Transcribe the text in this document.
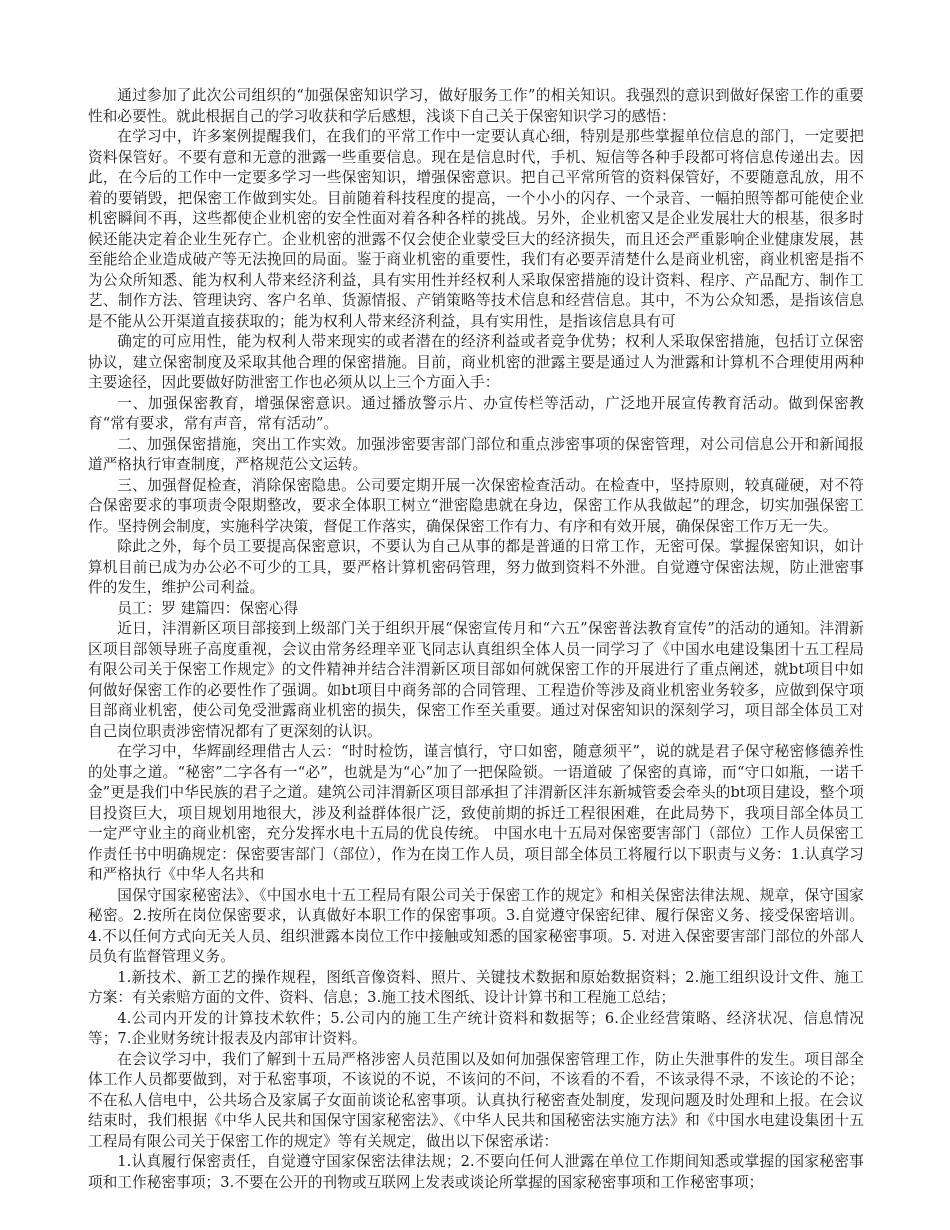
通过参加了此次公司组织的“加强保密知识学习，做好服务工作”的相关知识。我强烈的意识到做好保密工作的重要性和必要性。就此根据自己的学习收获和学后感想，浅谈下自己关于保密知识学习的感悟：

在学习中，许多案例提醒我们，在我们的平常工作中一定要认真心细，特别是那些掌握单位信息的部门，一定要把资料保管好。不要有意和无意的泄露一些重要信息。现在是信息时代，手机、短信等各种手段都可将信息传递出去。因此，在今后的工作中一定要多学习一些保密知识，增强保密意识。把自己平常所管的资料保管好，不要随意乱放，用不着的要销毁，把保密工作做到实处。目前随着科技程度的提高，一个小小的闪存、一个录音、一幅拍照等都可能使企业机密瞬间不再，这些都使企业机密的安全性面对着各种各样的挑战。另外，企业机密又是企业发展壮大的根基，很多时候还能决定着企业生死存亡。企业机密的泄露不仅会使企业蒙受巨大的经济损失，而且还会严重影响企业健康发展，甚至能给企业造成破产等无法挽回的局面。鉴于商业机密的重要性，我们有必要弄清楚什么是商业机密，商业机密是指不为公众所知悉、能为权利人带来经济利益，具有实用性并经权利人采取保密措施的设计资料、程序、产品配方、制作工艺、制作方法、管理诀窍、客户名单、货源情报、产销策略等技术信息和经营信息。其中，不为公众知悉，是指该信息是不能从公开渠道直接获取的；能为权利人带来经济利益，具有实用性，是指该信息具有可

确定的可应用性，能为权利人带来现实的或者潜在的经济利益或者竞争优势；权利人采取保密措施，包括订立保密协议，建立保密制度及采取其他合理的保密措施。目前，商业机密的泄露主要是通过人为泄露和计算机不合理使用两种主要途径，因此要做好防泄密工作也必须从以上三个方面入手：

一、加强保密教育，增强保密意识。通过播放警示片、办宣传栏等活动，广泛地开展宣传教育活动。做到保密教育“常有要求，常有声音，常有活动”。

二、加强保密措施，突出工作实效。加强涉密要害部门部位和重点涉密事项的保密管理，对公司信息公开和新闻报道严格执行审查制度，严格规范公文运转。

三、加强督促检查，消除保密隐患。公司要定期开展一次保密检查活动。在检查中，坚持原则，较真碰硬，对不符合保密要求的事项责令限期整改，要求全体职工树立“泄密隐患就在身边，保密工作从我做起”的理念，切实加强保密工作。坚持例会制度，实施科学决策，督促工作落实，确保保密工作有力、有序和有效开展，确保保密工作万无一失。

除此之外，每个员工要提高保密意识，不要认为自己从事的都是普通的日常工作，无密可保。掌握保密知识，如计算机目前已成为办公必不可少的工具，要严格计算机密码管理，努力做到资料不外泄。自觉遵守保密法规，防止泄密事件的发生，维护公司利益。

员工：罗 建篇四：保密心得

近日，沣渭新区项目部接到上级部门关于组织开展“保密宣传月和“六五”保密普法教育宣传”的活动的通知。沣渭新区项目部领导班子高度重视，会议由常务经理辛亚飞同志认真组织全体人员一同学习了《中国水电建设集团十五工程局有限公司关于保密工作规定》的文件精神并结合沣渭新区项目部如何就保密工作的开展进行了重点阐述，就bt项目中如何做好保密工作的必要性作了强调。如bt项目中商务部的合同管理、工程造价等涉及商业机密业务较多，应做到保守项目部商业机密，使公司免受泄露商业机密的损失，保密工作至关重要。通过对保密知识的深刻学习，项目部全体员工对自己岗位职责涉密情况都有了更深刻的认识。

在学习中，华辉副经理借古人云：“时时检饬，谨言慎行，守口如密，随意须平”，说的就是君子保守秘密修德养性的处事之道。“秘密”二字各有一“必”，也就是为“心”加了一把保险锁。一语道破 了保密的真谛，而“守口如瓶，一诺千金”更是我们中华民族的君子之道。建筑公司沣渭新区项目部承担了沣渭新区沣东新城管委会牵头的bt项目建设，整个项目投资巨大，项目规划用地很大，涉及利益群体很广泛，致使前期的拆迁工程很困难，在此局势下，我项目部全体员工一定严守业主的商业机密，充分发挥水电十五局的优良传统。 中国水电十五局对保密要害部门（部位）工作人员保密工作责任书中明确规定：保密要害部门（部位），作为在岗工作人员，项目部全体员工将履行以下职责与义务：1.认真学习和严格执行《中华人名共和

国保守国家秘密法》、《中国水电十五工程局有限公司关于保密工作的规定》和相关保密法律法规、规章，保守国家秘密。2.按所在岗位保密要求，认真做好本职工作的保密事项。3.自觉遵守保密纪律、履行保密义务、接受保密培训。4.不以任何方式向无关人员、组织泄露本岗位工作中接触或知悉的国家秘密事项。5. 对进入保密要害部门部位的外部人员负有监督管理义务。

1.新技术、新工艺的操作规程，图纸音像资料、照片、关键技术数据和原始数据资料；2.施工组织设计文件、施工方案：有关索赔方面的文件、资料、信息；3.施工技术图纸、设计计算书和工程施工总结；

4.公司内开发的计算技术软件；5.公司内的施工生产统计资料和数据等；6.企业经营策略、经济状况、信息情况等；7.企业财务统计报表及内部审计资料。

在会议学习中，我们了解到十五局严格涉密人员范围以及如何加强保密管理工作，防止失泄事件的发生。项目部全体工作人员都要做到，对于私密事项，不该说的不说，不该问的不问，不该看的不看，不该录得不录，不该论的不论；不在私人信电中，公共场合及家属子女面前谈论私密事项。认真执行秘密查处制度，发现问题及时处理和上报。在会议结束时，我们根据《中华人民共和国保守国家秘密法》、《中华人民共和国秘密法实施方法》和《中国水电建设集团十五工程局有限公司关于保密工作的规定》等有关规定，做出以下保密承诺：

1.认真履行保密责任，自觉遵守国家保密法律法规；2.不要向任何人泄露在单位工作期间知悉或掌握的国家秘密事项和工作秘密事项；3.不要在公开的刊物或互联网上发表或谈论所掌握的国家秘密事项和工作秘密事项；
